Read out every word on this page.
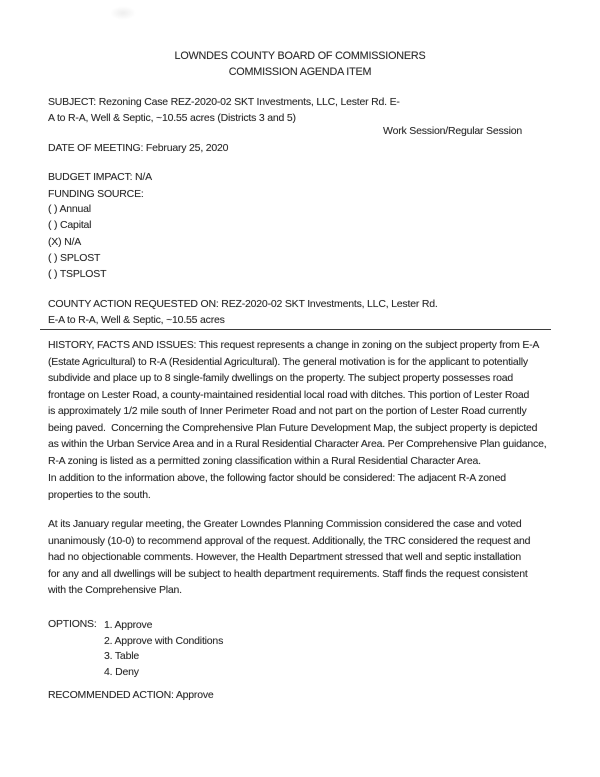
LOWNDES COUNTY BOARD OF COMMISSIONERS
COMMISSION AGENDA ITEM
SUBJECT: Rezoning Case REZ-2020-02 SKT Investments, LLC, Lester Rd. E-
A to R-A, Well & Septic, ~10.55 acres (Districts 3 and 5)
Work Session/Regular Session
DATE OF MEETING: February 25, 2020
BUDGET IMPACT: N/A
FUNDING SOURCE:
( ) Annual
( ) Capital
(X) N/A
( ) SPLOST
( ) TSPLOST
COUNTY ACTION REQUESTED ON: REZ-2020-02 SKT Investments, LLC, Lester Rd.
E-A to R-A, Well & Septic, ~10.55 acres
HISTORY, FACTS AND ISSUES: This request represents a change in zoning on the subject property from E-A
(Estate Agricultural) to R-A (Residential Agricultural). The general motivation is for the applicant to potentially
subdivide and place up to 8 single-family dwellings on the property. The subject property possesses road
frontage on Lester Road, a county-maintained residential local road with ditches. This portion of Lester Road
is approximately 1/2 mile south of Inner Perimeter Road and not part on the portion of Lester Road currently
being paved.  Concerning the Comprehensive Plan Future Development Map, the subject property is depicted
as within the Urban Service Area and in a Rural Residential Character Area. Per Comprehensive Plan guidance,
R-A zoning is listed as a permitted zoning classification within a Rural Residential Character Area.
In addition to the information above, the following factor should be considered: The adjacent R-A zoned
properties to the south.
At its January regular meeting, the Greater Lowndes Planning Commission considered the case and voted
unanimously (10-0) to recommend approval of the request. Additionally, the TRC considered the request and
had no objectionable comments. However, the Health Department stressed that well and septic installation
for any and all dwellings will be subject to health department requirements. Staff finds the request consistent
with the Comprehensive Plan.
OPTIONS: 1. Approve
2. Approve with Conditions
3. Table
4. Deny
RECOMMENDED ACTION: Approve
